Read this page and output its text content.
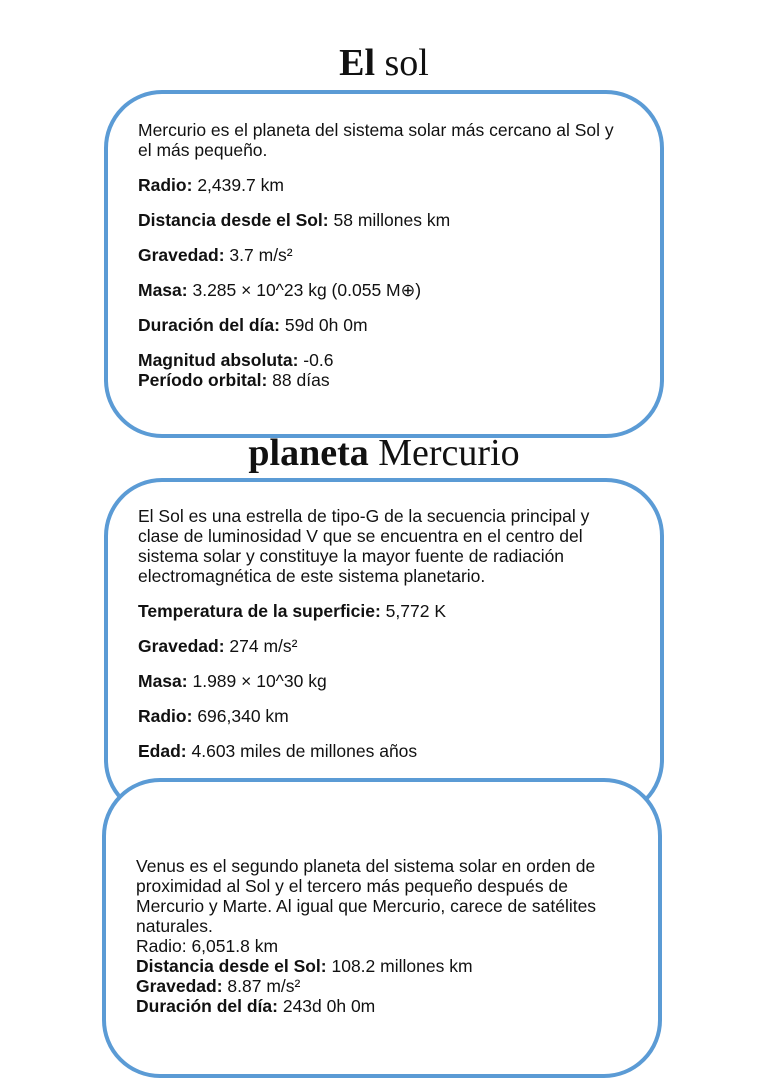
El sol

Mercurio es el planeta del sistema solar más cercano al Sol y el más pequeño.

Radio: 2,439.7 km

Distancia desde el Sol: 58 millones km

Gravedad: 3.7 m/s²

Masa: 3.285 × 10^23 kg (0.055 M⊕)

Duración del día: 59d 0h 0m

Magnitud absoluta: -0.6

Período orbital: 88 días

planeta Mercurio

El Sol es una estrella de tipo-G de la secuencia principal y clase de luminosidad V que se encuentra en el centro del sistema solar y constituye la mayor fuente de radiación electromagnética de este sistema planetario.

Temperatura de la superficie: 5,772 K

Gravedad: 274 m/s²

Masa: 1.989 × 10^30 kg

Radio: 696,340 km

Edad: 4.603 miles de millones años

Venus es el segundo planeta del sistema solar en orden de proximidad al Sol y el tercero más pequeño después de Mercurio y Marte. Al igual que Mercurio, carece de satélites naturales.

Radio: 6,051.8 km

Distancia desde el Sol: 108.2 millones km

Gravedad: 8.87 m/s²

Duración del día: 243d 0h 0m
